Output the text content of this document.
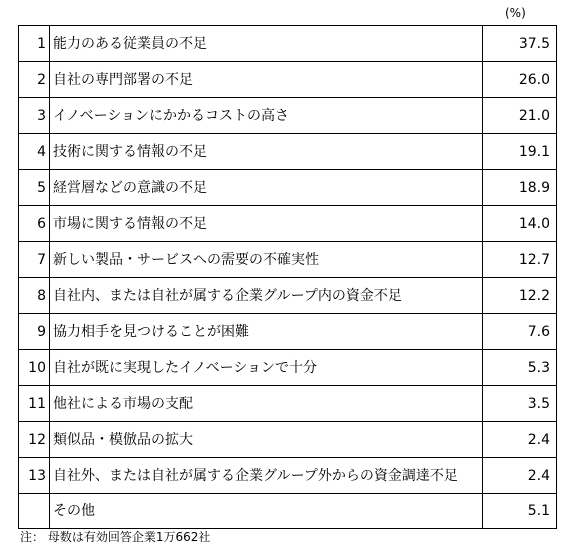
(%)
1	能力のある従業員の不足	37.5
2	自社の専門部署の不足	26.0
3	イノベーションにかかるコストの高さ	21.0
4	技術に関する情報の不足	19.1
5	経営層などの意識の不足	18.9
6	市場に関する情報の不足	14.0
7	新しい製品・サービスへの需要の不確実性	12.7
8	自社内、または自社が属する企業グループ内の資金不足	12.2
9	協力相手を見つけることが困難	7.6
10	自社が既に実現したイノベーションで十分	5.3
11	他社による市場の支配	3.5
12	類似品・模倣品の拡大	2.4
13	自社外、または自社が属する企業グループ外からの資金調達不足	2.4
	その他	5.1
注： 母数は有効回答企業1万662社
